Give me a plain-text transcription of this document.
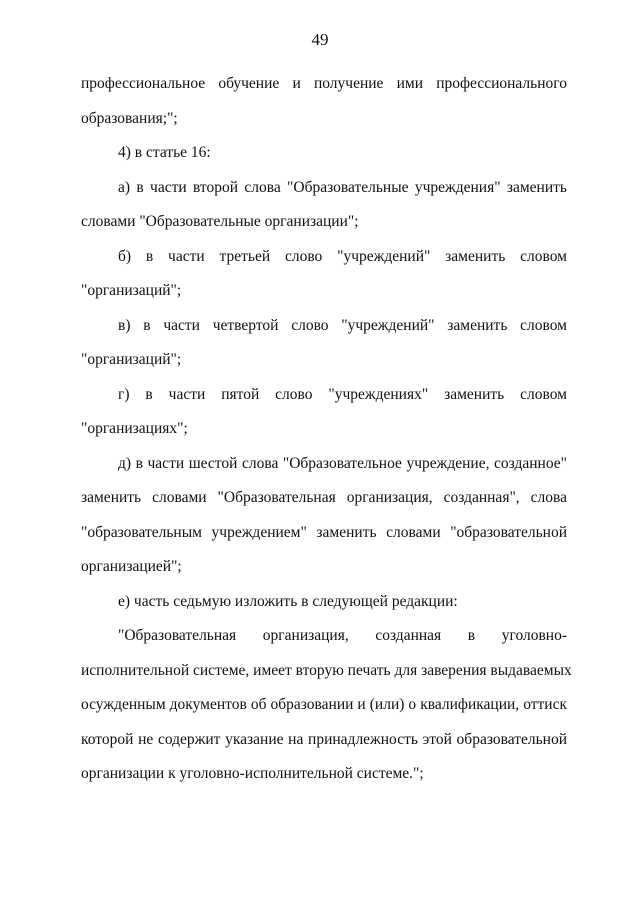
49
профессиональное обучение и получение ими профессионального
образования;";
4) в статье 16:
а) в части второй слова "Образовательные учреждения" заменить
словами "Образовательные организации";
б) в части третьей слово "учреждений" заменить словом
"организаций";
в) в части четвертой слово "учреждений" заменить словом
"организаций";
г) в части пятой слово "учреждениях" заменить словом
"организациях";
д) в части шестой слова "Образовательное учреждение, созданное"
заменить словами "Образовательная организация, созданная", слова
"образовательным учреждением" заменить словами "образовательной
организацией";
е) часть седьмую изложить в следующей редакции:
"Образовательная организация, созданная в уголовно-
исполнительной системе, имеет вторую печать для заверения выдаваемых
осужденным документов об образовании и (или) о квалификации, оттиск
которой не содержит указание на принадлежность этой образовательной
организации к уголовно-исполнительной системе.";
